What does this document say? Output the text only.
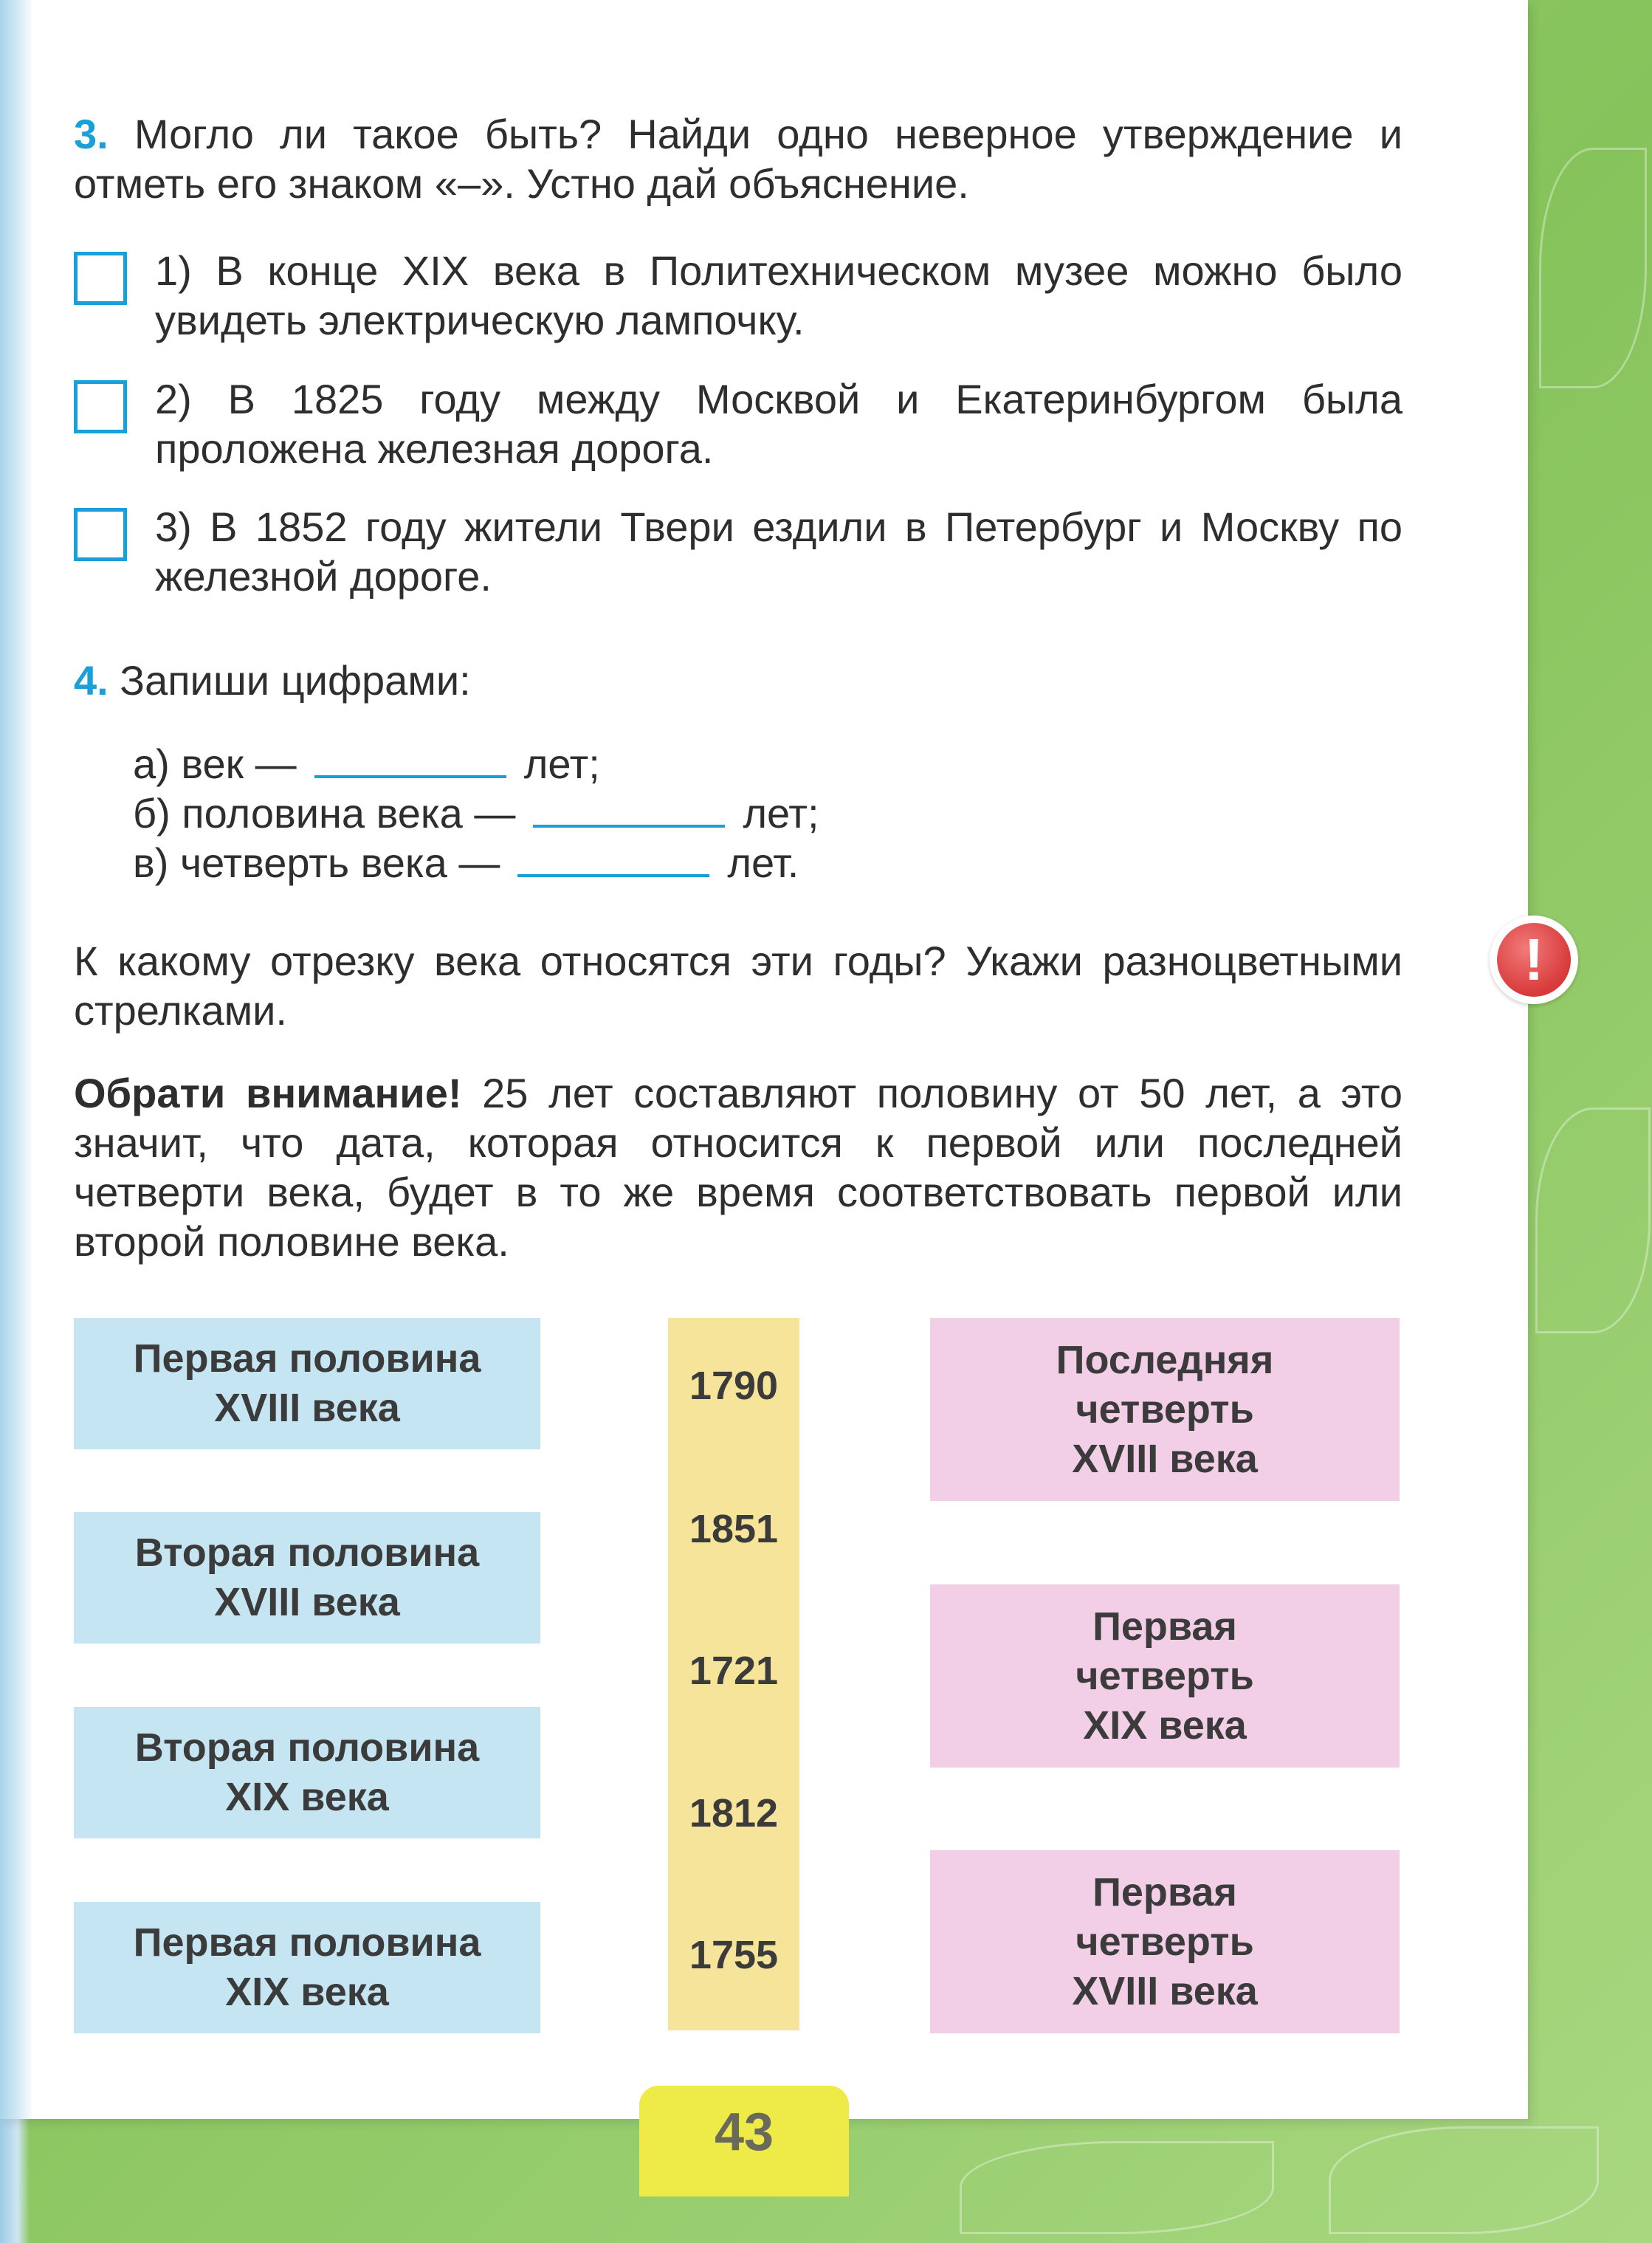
3. Могло ли такое быть? Найди одно неверное утверждение и отметь его знаком «–». Устно дай объяснение.
1) В конце XIX века в Политехническом музее можно было увидеть электрическую лампочку.
2) В 1825 году между Москвой и Екатеринбургом была проложена железная дорога.
3) В 1852 году жители Твери ездили в Петербург и Москву по железной дороге.
4. Запиши цифрами:
а) век —	лет;
б) половина века —	лет;
в) четверть века —	лет.
К какому отрезку века относятся эти годы? Укажи разноцветными стрелками.
Обрати внимание! 25 лет составляют половину от 50 лет, а это значит, что дата, которая относится к первой или последней четверти века, будет в то же время соответствовать первой или второй половине века.
Первая половина XVIII века
Вторая половина XVIII века
Вторая половина XIX века
Первая половина XIX века
1790
1851
1721
1812
1755
Последняя четверть XVIII века
Первая четверть XIX века
Первая четверть XVIII века
!
43
